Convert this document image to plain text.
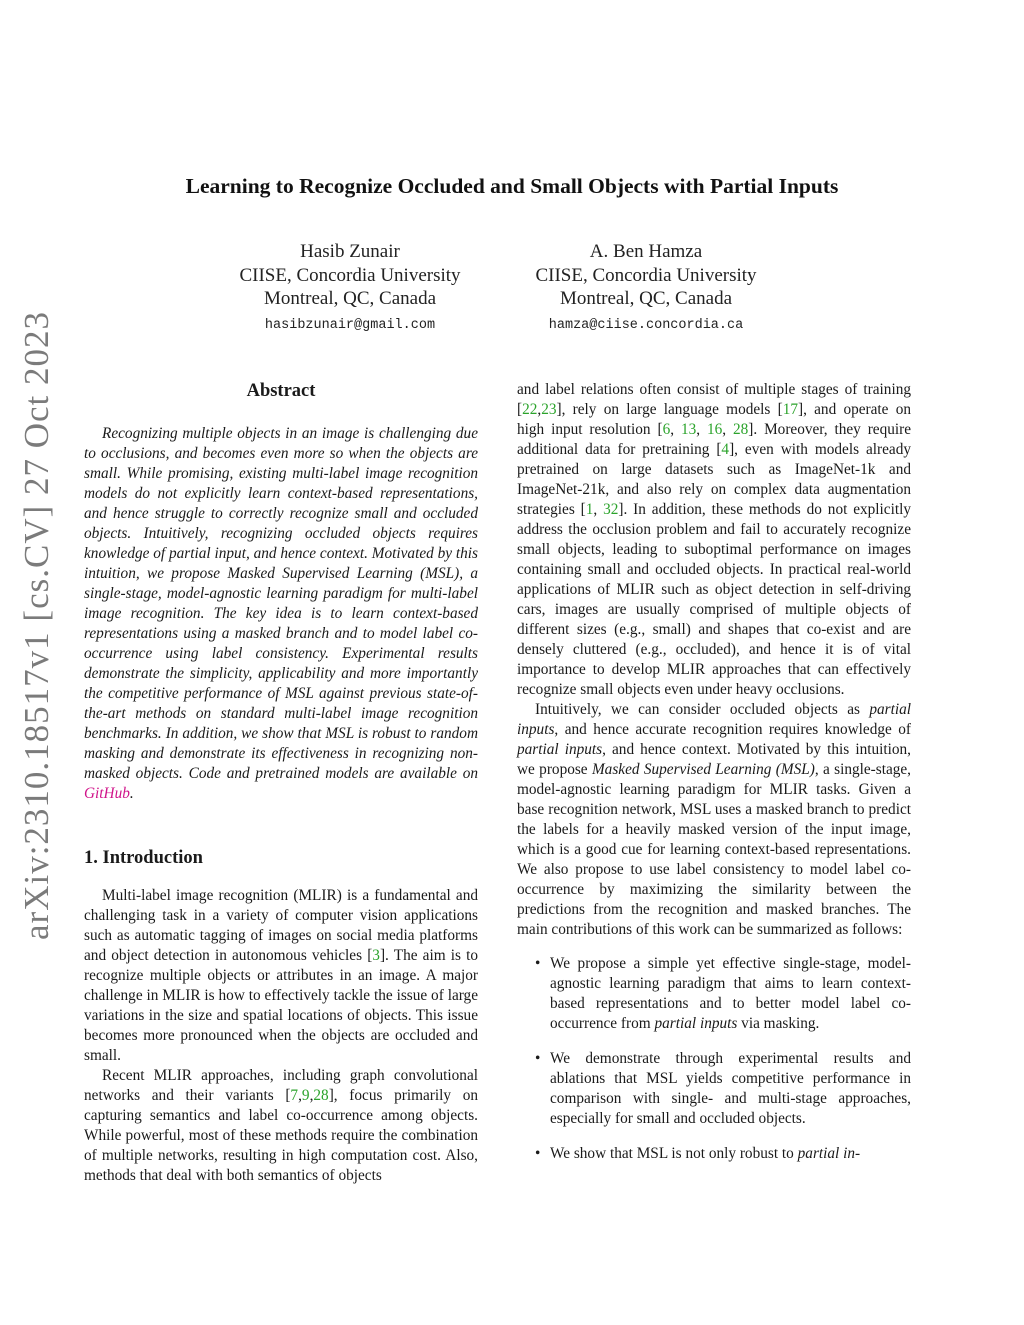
arXiv:2310.18517v1 [cs.CV] 27 Oct 2023
Learning to Recognize Occluded and Small Objects with Partial Inputs
Hasib Zunair
CIISE, Concordia University
Montreal, QC, Canada
hasibzunair@gmail.com
A. Ben Hamza
CIISE, Concordia University
Montreal, QC, Canada
hamza@ciise.concordia.ca
Abstract

Recognizing multiple objects in an image is challenging due to occlusions, and becomes even more so when the objects are small. While promising, existing multi-label image recognition models do not explicitly learn context-based representations, and hence struggle to correctly recognize small and occluded objects. Intuitively, recognizing occluded objects requires knowledge of partial input, and hence context. Motivated by this intuition, we propose Masked Supervised Learning (MSL), a single-stage, model-agnostic learning paradigm for multi-label image recognition. The key idea is to learn context-based representations using a masked branch and to model label co-occurrence using label consistency. Experimental results demonstrate the simplicity, applicability and more importantly the competitive performance of MSL against previous state-of-the-art methods on standard multi-label image recognition benchmarks. In addition, we show that MSL is robust to random masking and demonstrate its effectiveness in recognizing non-masked objects. Code and pretrained models are available on GitHub.

1. Introduction

Multi-label image recognition (MLIR) is a fundamental and challenging task in a variety of computer vision applications such as automatic tagging of images on social media platforms and object detection in autonomous vehicles [3]. The aim is to recognize multiple objects or attributes in an image. A major challenge in MLIR is how to effectively tackle the issue of large variations in the size and spatial locations of objects. This issue becomes more pronounced when the objects are occluded and small.

Recent MLIR approaches, including graph convolutional networks and their variants [7,9,28], focus primarily on capturing semantics and label co-occurrence among objects. While powerful, most of these methods require the combination of multiple networks, resulting in high computation cost. Also, methods that deal with both semantics of objects

and label relations often consist of multiple stages of training [22,23], rely on large language models [17], and operate on high input resolution [6, 13, 16, 28]. Moreover, they require additional data for pretraining [4], even with models already pretrained on large datasets such as ImageNet-1k and ImageNet-21k, and also rely on complex data augmentation strategies [1, 32]. In addition, these methods do not explicitly address the occlusion problem and fail to accurately recognize small objects, leading to suboptimal performance on images containing small and occluded objects. In practical real-world applications of MLIR such as object detection in self-driving cars, images are usually comprised of multiple objects of different sizes (e.g., small) and shapes that co-exist and are densely cluttered (e.g., occluded), and hence it is of vital importance to develop MLIR approaches that can effectively recognize small objects even under heavy occlusions.

Intuitively, we can consider occluded objects as partial inputs, and hence accurate recognition requires knowledge of partial inputs, and hence context. Motivated by this intuition, we propose Masked Supervised Learning (MSL), a single-stage, model-agnostic learning paradigm for MLIR tasks. Given a base recognition network, MSL uses a masked branch to predict the labels for a heavily masked version of the input image, which is a good cue for learning context-based representations. We also propose to use label consistency to model label co-occurrence by maximizing the similarity between the predictions from the recognition and masked branches. The main contributions of this work can be summarized as follows:

• We propose a simple yet effective single-stage, model-agnostic learning paradigm that aims to learn context-based representations and to better model label co-occurrence from partial inputs via masking.
• We demonstrate through experimental results and ablations that MSL yields competitive performance in comparison with single- and multi-stage approaches, especially for small and occluded objects.
• We show that MSL is not only robust to partial in-
